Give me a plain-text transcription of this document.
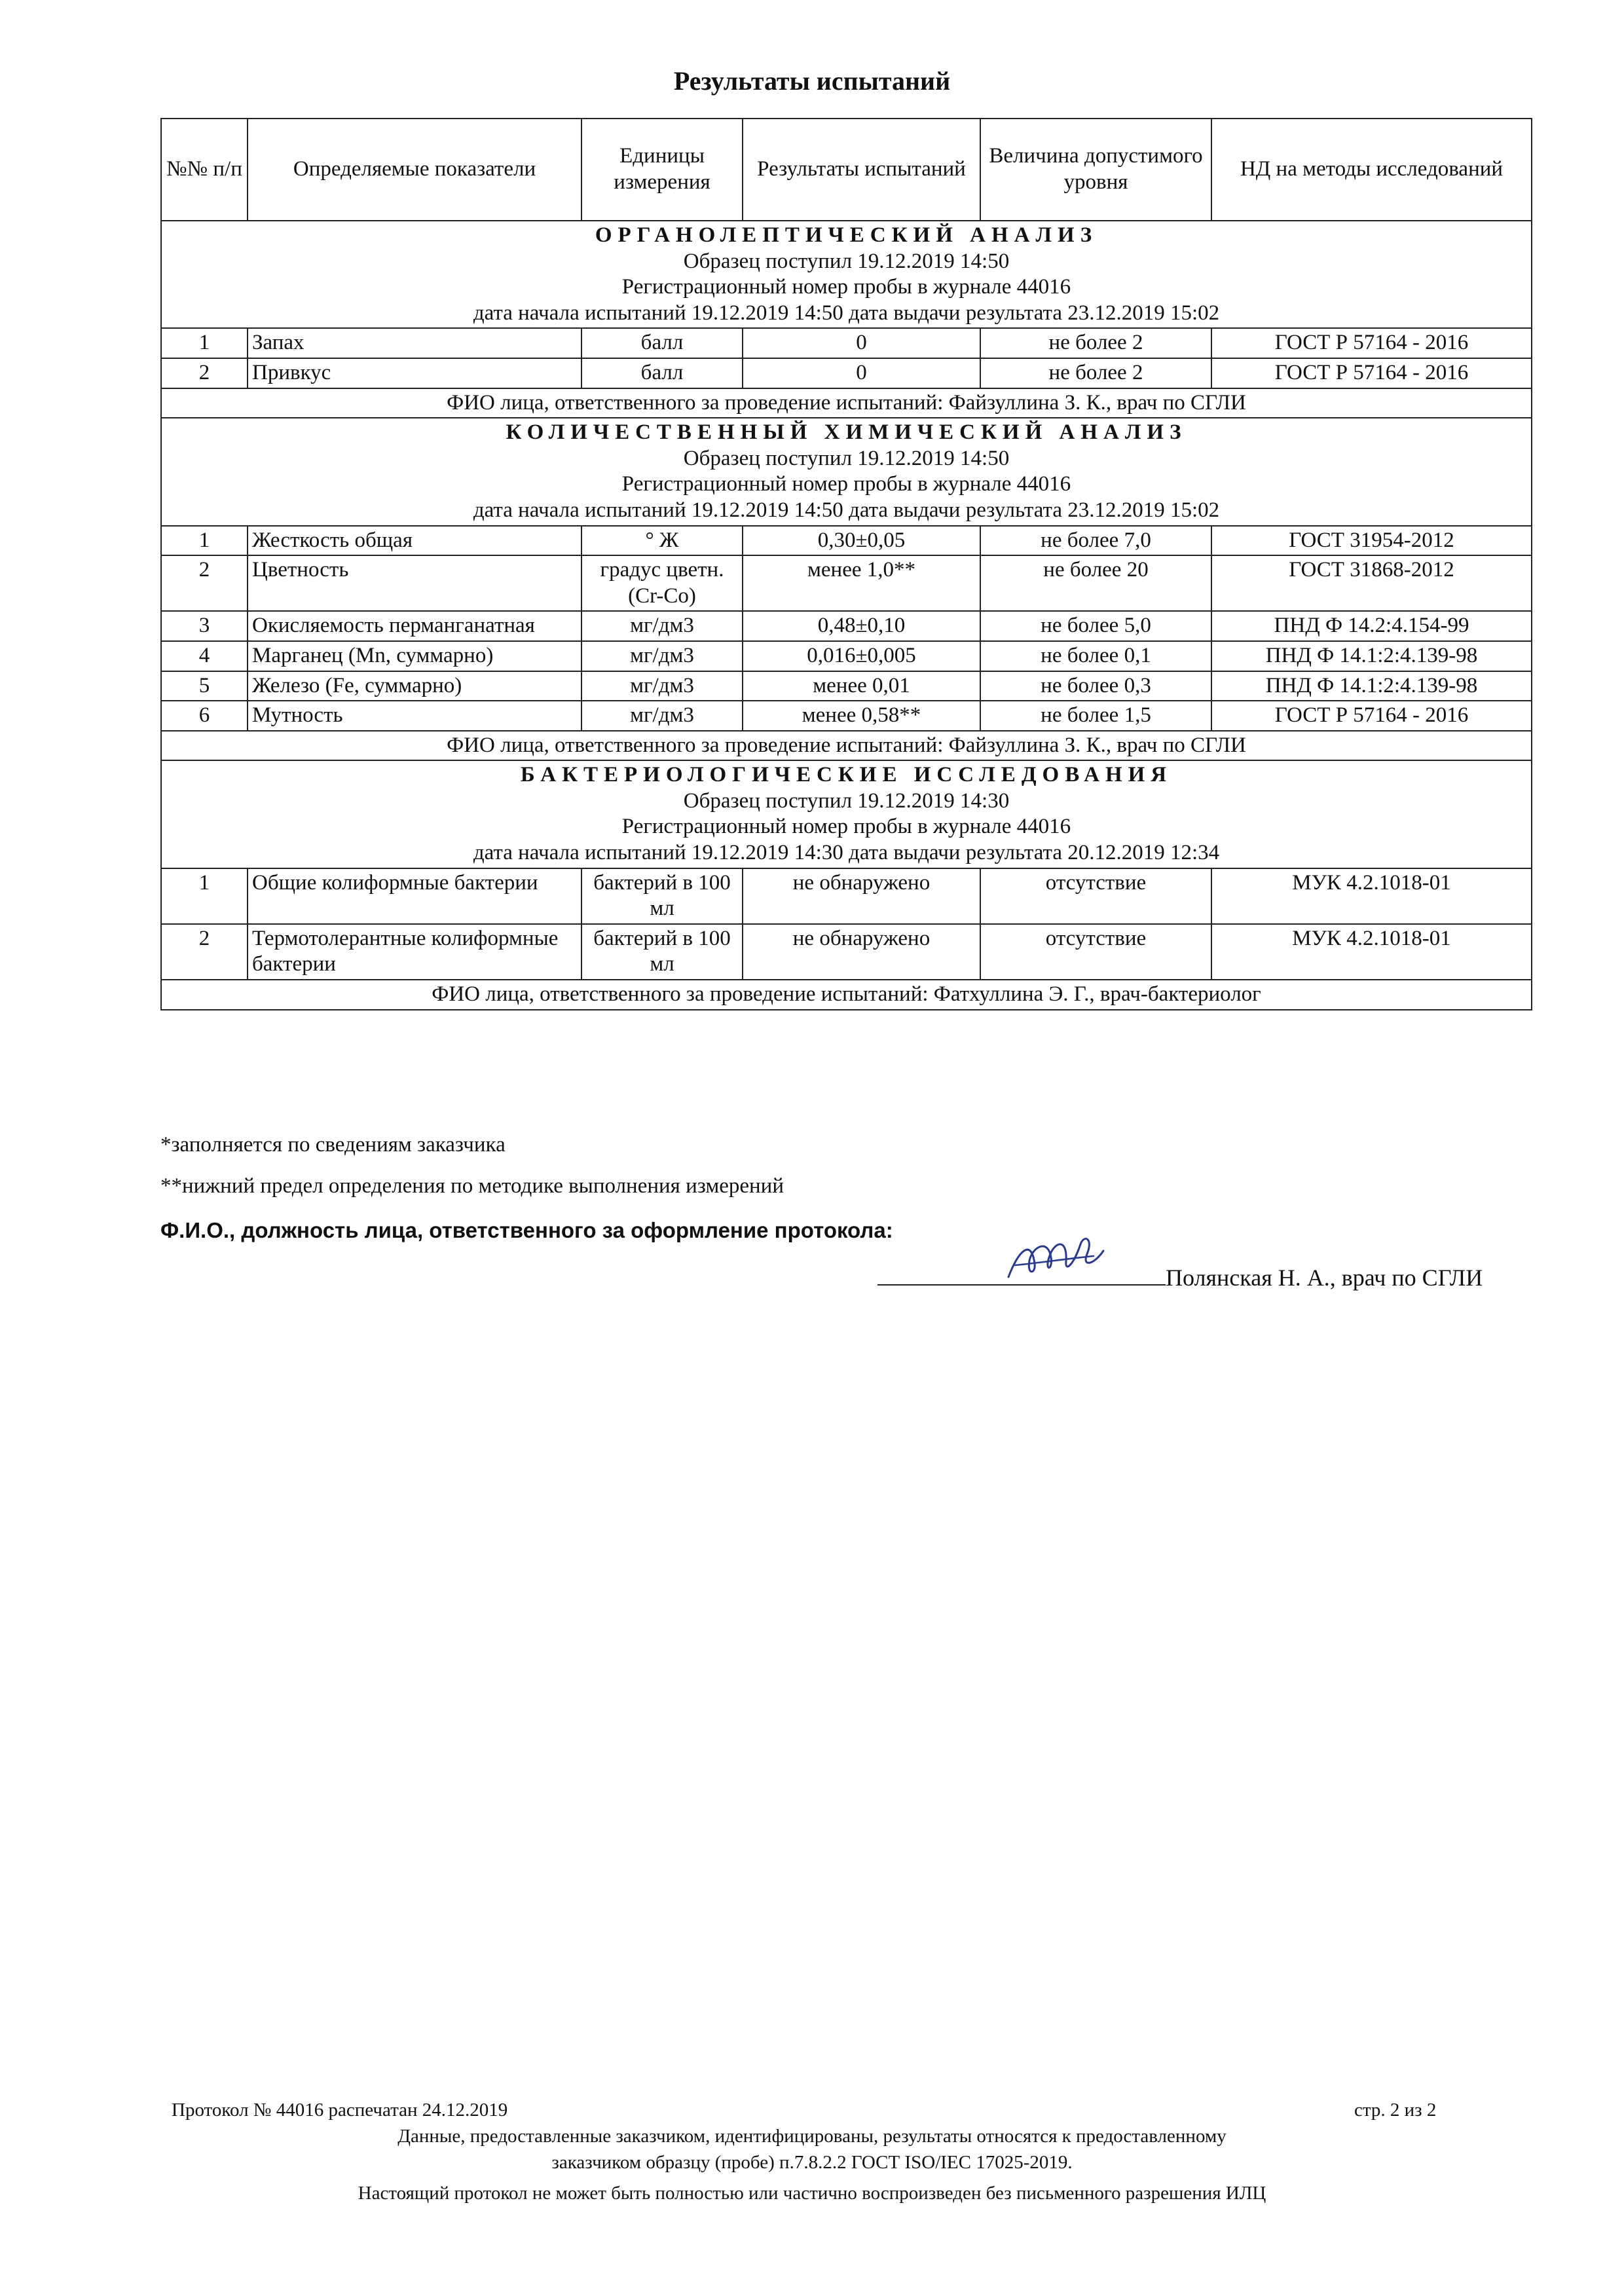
Результаты испытаний
№№ п/п	Определяемые показатели	Единицы измерения	Результаты испытаний	Величина допустимого уровня	НД на методы исследований

ОРГАНОЛЕПТИЧЕСКИЙ АНАЛИЗ
Образец поступил 19.12.2019 14:50
Регистрационный номер пробы в журнале 44016
дата начала испытаний 19.12.2019 14:50 дата выдачи результата 23.12.2019 15:02					

1	Запах	балл	0	не более 2	ГОСТ Р 57164 - 2016
2	Привкус	балл	0	не более 2	ГОСТ Р 57164 - 2016
ФИО лица, ответственного за проведение испытаний: Файзуллина З. К., врач по СГЛИ					

КОЛИЧЕСТВЕННЫЙ ХИМИЧЕСКИЙ АНАЛИЗ
Образец поступил 19.12.2019 14:50
Регистрационный номер пробы в журнале 44016
дата начала испытаний 19.12.2019 14:50 дата выдачи результата 23.12.2019 15:02					

1	Жесткость общая	° Ж	0,30±0,05	не более 7,0	ГОСТ 31954-2012
2	Цветность	градус цветн.(Cr-Co)	менее 1,0**	не более 20	ГОСТ 31868-2012
3	Окисляемость перманганатная	мг/дм3	0,48±0,10	не более 5,0	ПНД Ф 14.2:4.154-99
4	Марганец (Mn, суммарно)	мг/дм3	0,016±0,005	не более 0,1	ПНД Ф 14.1:2:4.139-98
5	Железо (Fe, суммарно)	мг/дм3	менее 0,01	не более 0,3	ПНД Ф 14.1:2:4.139-98
6	Мутность	мг/дм3	менее 0,58**	не более 1,5	ГОСТ Р 57164 - 2016
ФИО лица, ответственного за проведение испытаний: Файзуллина З. К., врач по СГЛИ					

БАКТЕРИОЛОГИЧЕСКИЕ ИССЛЕДОВАНИЯ
Образец поступил 19.12.2019 14:30
Регистрационный номер пробы в журнале 44016
дата начала испытаний 19.12.2019 14:30 дата выдачи результата 20.12.2019 12:34					

1	Общие колиформные бактерии	бактерий в 100 мл	не обнаружено	отсутствие	МУК 4.2.1018-01
2	Термотолерантные колиформные бактерии	бактерий в 100 мл	не обнаружено	отсутствие	МУК 4.2.1018-01
ФИО лица, ответственного за проведение испытаний: Фатхуллина Э. Г., врач-бактериолог					
*заполняется по сведениям заказчика
**нижний предел определения по методике выполнения измерений
Ф.И.О., должность лица, ответственного за оформление протокола:
Полянская Н. А., врач по СГЛИ
Протокол № 44016 распечатан 24.12.2019	стр. 2 из 2
Данные, предоставленные заказчиком, идентифицированы, результаты относятся к предоставленному
заказчиком образцу (пробе) п.7.8.2.2 ГОСТ ISO/IEC 17025-2019.
Настоящий протокол не может быть полностью или частично воспроизведен без письменного разрешения ИЛЦ
